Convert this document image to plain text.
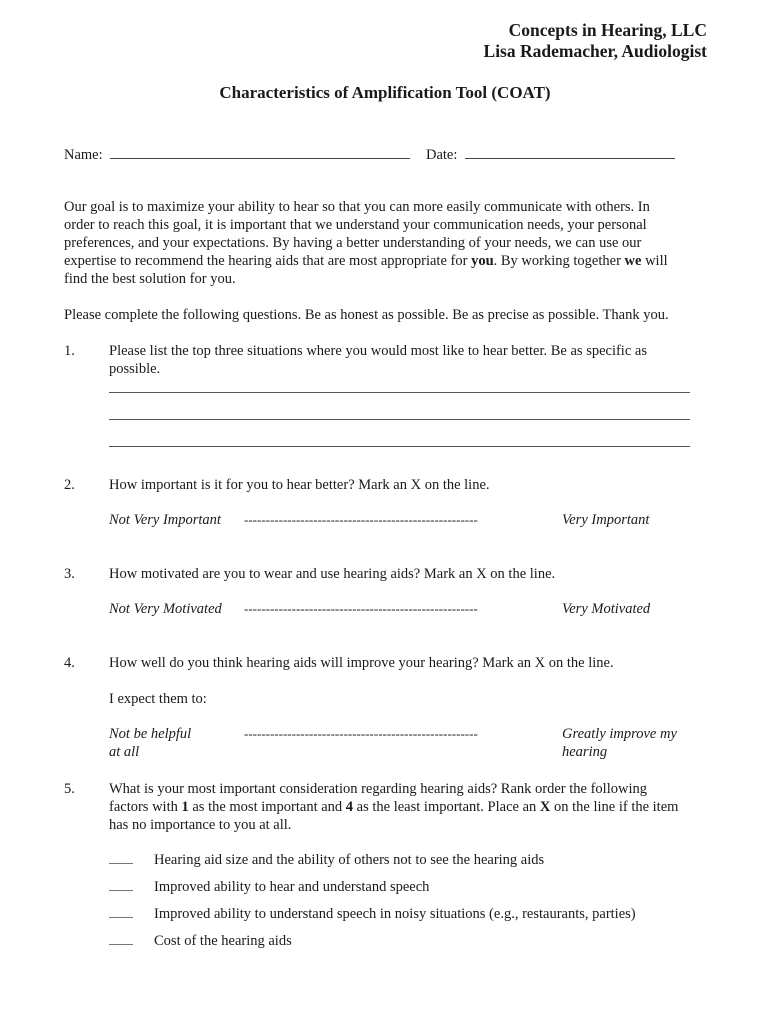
Concepts in Hearing, LLC
Lisa Rademacher, Audiologist
Characteristics of Amplification Tool (COAT)
Name:	Date:
Our goal is to maximize your ability to hear so that you can more easily communicate with others. In
order to reach this goal, it is important that we understand your communication needs, your personal
preferences, and your expectations. By having a better understanding of your needs, we can use our
expertise to recommend the hearing aids that are most appropriate for you. By working together we will
find the best solution for you.
Please complete the following questions. Be as honest as possible. Be as precise as possible. Thank you.
1. Please list the top three situations where you would most like to hear better. Be as specific as
possible.
2. How important is it for you to hear better? Mark an X on the line.
Not Very Important ------------------------------------------------------	Very Important
3. How motivated are you to wear and use hearing aids? Mark an X on the line.
Not Very Motivated ------------------------------------------------------	Very Motivated
4. How well do you think hearing aids will improve your hearing? Mark an X on the line.
I expect them to:
Not be helpful
at all
------------------------------------------------------	Greatly improve my
hearing
5. What is your most important consideration regarding hearing aids? Rank order the following
factors with 1 as the most important and 4 as the least important. Place an X on the line if the item
has no importance to you at all.
Hearing aid size and the ability of others not to see the hearing aids
Improved ability to hear and understand speech
Improved ability to understand speech in noisy situations (e.g., restaurants, parties)
Cost of the hearing aids
